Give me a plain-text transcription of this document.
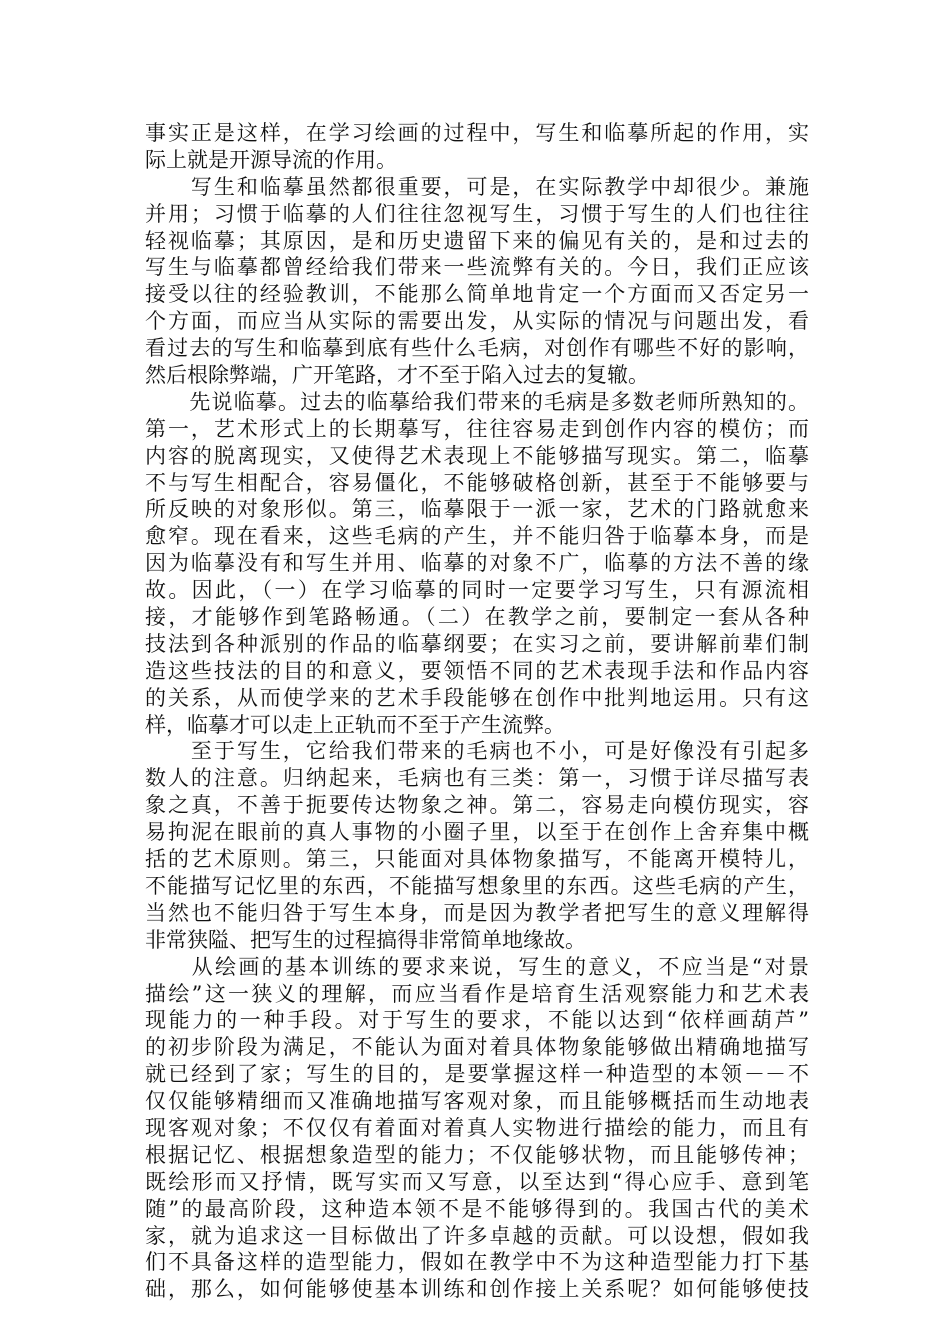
事实正是这样，在学习绘画的过程中，写生和临摹所起的作用，实
际上就是开源导流的作用。

　　写生和临摹虽然都很重要，可是，在实际教学中却很少。兼施
并用；习惯于临摹的人们往往忽视写生，习惯于写生的人们也往往
轻视临摹；其原因，是和历史遗留下来的偏见有关的，是和过去的
写生与临摹都曾经给我们带来一些流弊有关的。今日，我们正应该
接受以往的经验教训，不能那么简单地肯定一个方面而又否定另一
个方面，而应当从实际的需要出发，从实际的情况与问题出发，看
看过去的写生和临摹到底有些什么毛病，对创作有哪些不好的影响，
然后根除弊端，广开笔路，才不至于陷入过去的复辙。

　　先说临摹。过去的临摹给我们带来的毛病是多数老师所熟知的。
第一，艺术形式上的长期摹写，往往容易走到创作内容的模仿；而
内容的脱离现实，又使得艺术表现上不能够描写现实。第二，临摹
不与写生相配合，容易僵化，不能够破格创新，甚至于不能够要与
所反映的对象形似。第三，临摹限于一派一家，艺术的门路就愈来
愈窄。现在看来，这些毛病的产生，并不能归咎于临摹本身，而是
因为临摹没有和写生并用、临摹的对象不广，临摹的方法不善的缘
故。因此，（一）在学习临摹的同时一定要学习写生，只有源流相
接，才能够作到笔路畅通。（二）在教学之前，要制定一套从各种
技法到各种派别的作品的临摹纲要；在实习之前，要讲解前辈们制
造这些技法的目的和意义，要领悟不同的艺术表现手法和作品内容
的关系，从而使学来的艺术手段能够在创作中批判地运用。只有这
样，临摹才可以走上正轨而不至于产生流弊。

　　至于写生，它给我们带来的毛病也不小，可是好像没有引起多
数人的注意。归纳起来，毛病也有三类：第一，习惯于详尽描写表
象之真，不善于扼要传达物象之神。第二，容易走向模仿现实，容
易拘泥在眼前的真人事物的小圈子里，以至于在创作上舍弃集中概
括的艺术原则。第三，只能面对具体物象描写，不能离开模特儿，
不能描写记忆里的东西，不能描写想象里的东西。这些毛病的产生，
当然也不能归咎于写生本身，而是因为教学者把写生的意义理解得
非常狭隘、把写生的过程搞得非常简单地缘故。

　　从绘画的基本训练的要求来说，写生的意义，不应当是“对景
描绘”这一狭义的理解，而应当看作是培育生活观察能力和艺术表
现能力的一种手段。对于写生的要求，不能以达到“依样画葫芦”
的初步阶段为满足，不能认为面对着具体物象能够做出精确地描写
就已经到了家；写生的目的，是要掌握这样一种造型的本领－－不
仅仅能够精细而又准确地描写客观对象，而且能够概括而生动地表
现客观对象；不仅仅有着面对着真人实物进行描绘的能力，而且有
根据记忆、根据想象造型的能力；不仅能够状物，而且能够传神；
既绘形而又抒情，既写实而又写意，以至达到“得心应手、意到笔
随”的最高阶段，这种造本领不是不能够得到的。我国古代的美术
家，就为追求这一目标做出了许多卓越的贡献。可以设想，假如我
们不具备这样的造型能力，假如在教学中不为这种造型能力打下基
础，那么，如何能够使基本训练和创作接上关系呢？如何能够使技
